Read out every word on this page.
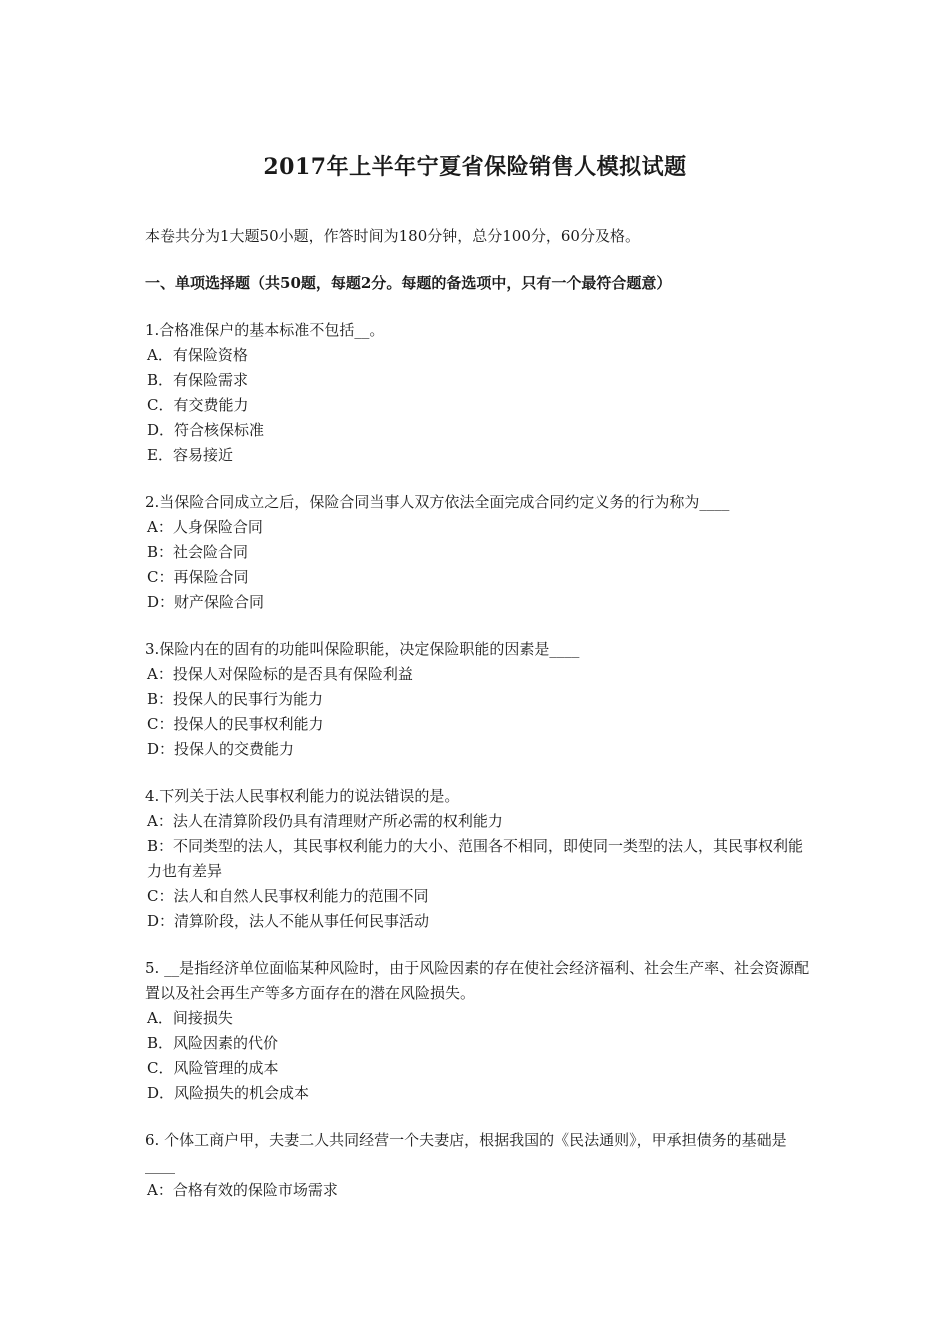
2017年上半年宁夏省保险销售人模拟试题

本卷共分为1大题50小题，作答时间为180分钟，总分100分，60分及格。

一、单项选择题（共50题，每题2分。每题的备选项中，只有一个最符合题意）

1.合格准保户的基本标准不包括__。

A．有保险资格

B．有保险需求

C．有交费能力

D．符合核保标准

E．容易接近

2.当保险合同成立之后，保险合同当事人双方依法全面完成合同约定义务的行为称为____

A：人身保险合同

B：社会险合同

C：再保险合同

D：财产保险合同

3.保险内在的固有的功能叫保险职能，决定保险职能的因素是____

A：投保人对保险标的是否具有保险利益

B：投保人的民事行为能力

C：投保人的民事权利能力

D：投保人的交费能力

4.下列关于法人民事权利能力的说法错误的是。

A：法人在清算阶段仍具有清理财产所必需的权利能力

B：不同类型的法人，其民事权利能力的大小、范围各不相同，即使同一类型的法人，其民事权利能力也有差异

C：法人和自然人民事权利能力的范围不同

D：清算阶段，法人不能从事任何民事活动

5. __是指经济单位面临某种风险时，由于风险因素的存在使社会经济福利、社会生产率、社会资源配置以及社会再生产等多方面存在的潜在风险损失。

A．间接损失

B．风险因素的代价

C．风险管理的成本

D．风险损失的机会成本

6. 个体工商户甲，夫妻二人共同经营一个夫妻店，根据我国的《民法通则》，甲承担债务的基础是____

A：合格有效的保险市场需求
